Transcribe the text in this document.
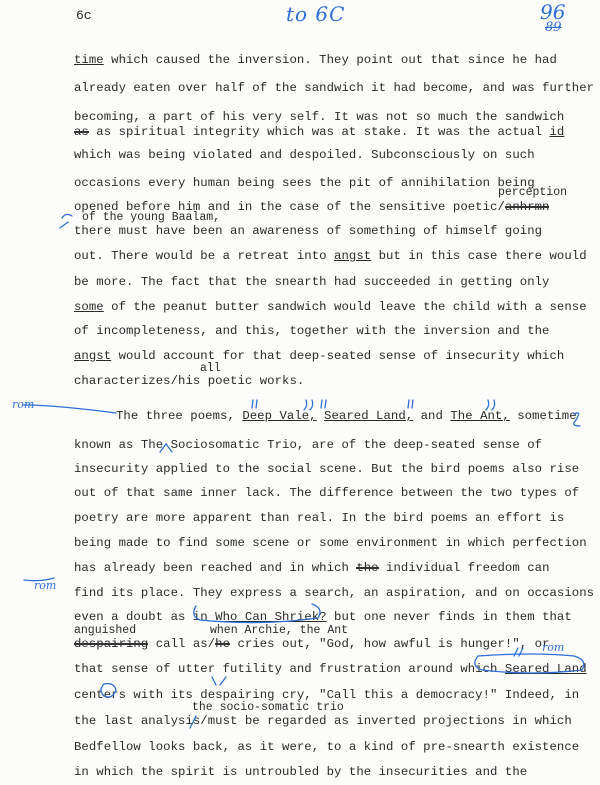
6c	to 6C	96
89
time which caused the inversion. They point out that since he had
already eaten over half of the sandwich it had become, and was further
becoming, a part of his very self. It was not so much the sandwich
as as spiritual integrity which was at stake. It was the actual id
which was being violated and despoiled. Subconsciously on such
occasions every human being sees the pit of annihilation being
perception
opened before him and in the case of the sensitive poetic/anhrmn
of the young Baalam,
there must have been an awareness of something of himself going
out. There would be a retreat into angst but in this case there would
be more. The fact that the snearth had succeeded in getting only
some of the peanut butter sandwich would leave the child with a sense
of incompleteness, and this, together with the inversion and the
angst would account for that deep-seated sense of insecurity which
all
characterizes/his poetic works.
The three poems, Deep Vale, Seared Land, and The Ant, sometime
known as The Sociosomatic Trio, are of the deep-seated sense of
insecurity applied to the social scene. But the bird poems also rise
out of that same inner lack. The difference between the two types of
poetry are more apparent than real. In the bird poems an effort is
being made to find some scene or some environment in which perfection
has already been reached and in which the individual freedom can
find its place. They express a search, an aspiration, and on occasions
even a doubt as in Who Can Shriek? but one never finds in them that
anguished	when Archie, the Ant
despairing call as/he cries out, "God, how awful is hunger!", or
that sense of utter futility and frustration around which Seared Land
centers with its despairing cry, "Call this a democracy!" Indeed, in
the socio-somatic trio
the last analysis/must be regarded as inverted projections in which
Bedfellow looks back, as it were, to a kind of pre-snearth existence
in which the spirit is untroubled by the insecurities and the
rom
rom
rom
